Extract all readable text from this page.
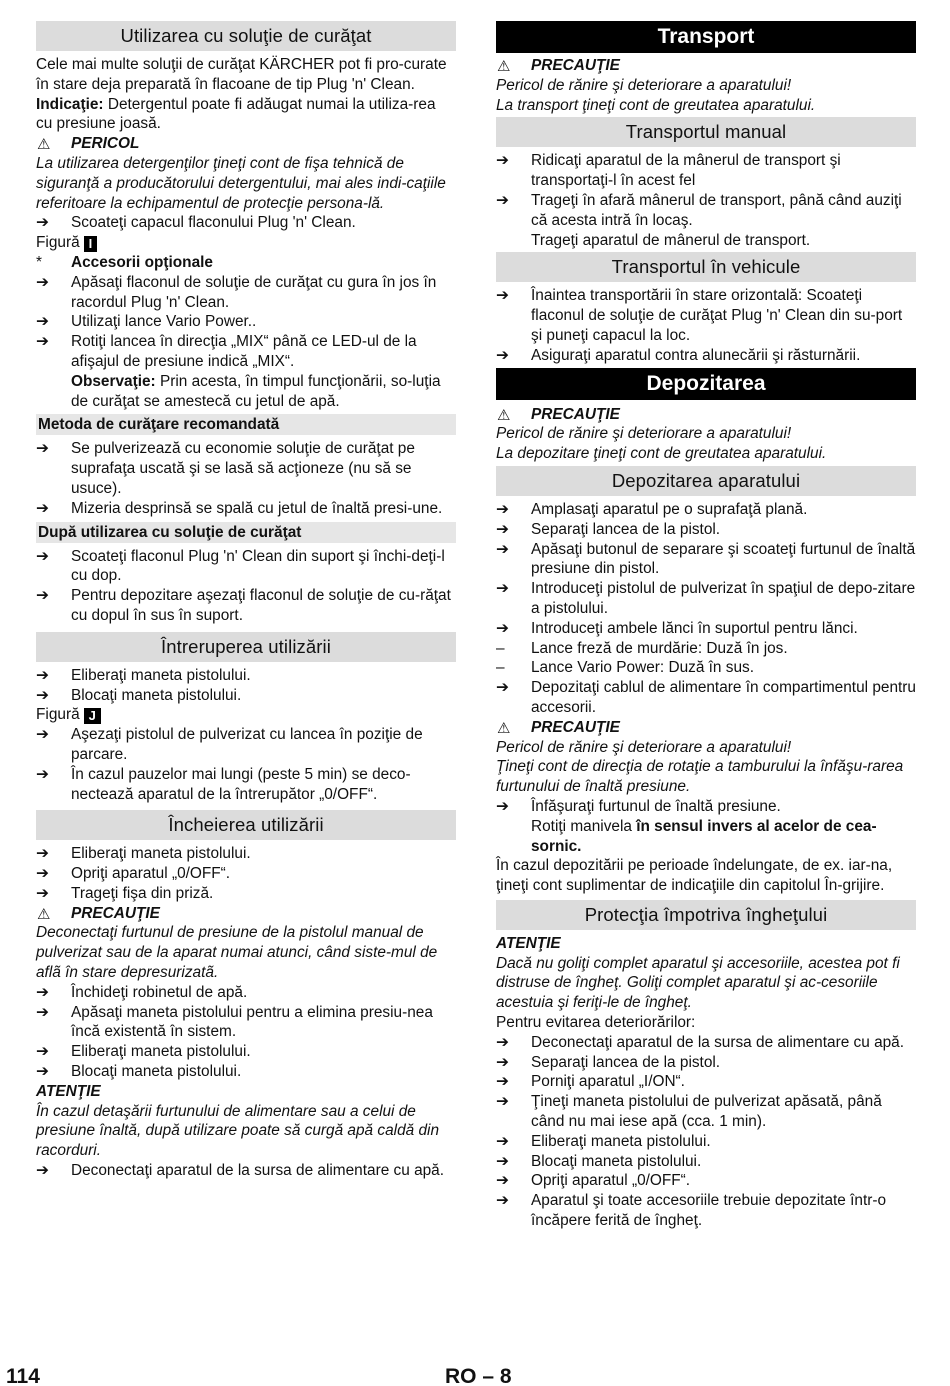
Utilizarea cu soluţie de curăţat

Cele mai multe soluţii de curăţat KÄRCHER pot fi pro-curate în stare deja preparată în flacoane de tip Plug 'n' Clean.

Indicaţie: Detergentul poate fi adăugat numai la utiliza-rea cu presiune joasă.

⚠ PERICOL

La utilizarea detergenţilor ţineţi cont de fişa tehnică de siguranţă a producătorului detergentului, mai ales indi-caţiile referitoare la echipamentul de protecţie persona-lă.

➔	Scoateţi capacul flaconului Plug 'n' Clean.

Figură I

*	Accesorii opţionale
➔	Apăsaţi flaconul de soluţie de curăţat cu gura în jos în racordul Plug 'n' Clean.
➔	Utilizaţi lance Vario Power..
➔	Rotiţi lancea în direcţia „MIX“ până ce LED-ul de la afişajul de presiune indică „MIX“.

Observaţie: Prin acesta, în timpul funcţionării, so-luţia de curăţat se amestecă cu jetul de apă.

Metoda de curăţare recomandată
➔	Se pulverizează cu economie soluţie de curăţat pe suprafaţa uscată şi se lasă să acţioneze (nu să se usuce).
➔	Mizeria desprinsă se spală cu jetul de înaltă presi-une.
După utilizarea cu soluţie de curăţat
➔	Scoateţi flaconul Plug 'n' Clean din suport şi închi-deţi-l cu dop.
➔	Pentru depozitare aşezaţi flaconul de soluţie de cu-răţat cu dopul în sus în suport.
Întreruperea utilizării
➔	Eliberaţi maneta pistolului.
➔	Blocaţi maneta pistolului.

Figură J

➔	Aşezaţi pistolul de pulverizat cu lancea în poziţie de parcare.
➔	În cazul pauzelor mai lungi (peste 5 min) se deco-nectează aparatul de la întrerupător „0/OFF“.
Încheierea utilizării
➔	Eliberaţi maneta pistolului.
➔	Opriţi aparatul „0/OFF“.
➔	Trageţi fişa din priză.
⚠ PRECAUŢIE

Deconectaţi furtunul de presiune de la pistolul manual de pulverizat sau de la aparat numai atunci, când siste-mul de aflã în stare depresurizatã.

➔	Închideţi robinetul de apă.
➔	Apăsaţi maneta pistolului pentru a elimina presiu-nea încă existentă în sistem.
➔	Eliberaţi maneta pistolului.
➔	Blocaţi maneta pistolului.

ATENŢIE

În cazul detaşării furtunului de alimentare sau a celui de presiune înaltă, după utilizare poate să curgă apă caldă din racorduri.

➔	Deconectaţi aparatul de la sursa de alimentare cu apă.
Transport
⚠ PRECAUŢIE

Pericol de rănire şi deteriorare a aparatului!

La transport ţineţi cont de greutatea aparatului.

Transportul manual
➔	Ridicaţi aparatul de la mânerul de transport şi transportaţi-l în acest fel
➔	Trageţi în afară mânerul de transport, până când auziţi că acesta intră în locaş.

Trageţi aparatul de mânerul de transport.

Transportul în vehicule
➔	Înaintea transportării în stare orizontală: Scoateţi flaconul de soluţie de curăţat Plug 'n' Clean din su-port şi puneţi capacul la loc.
➔	Asiguraţi aparatul contra alunecării şi răsturnării.
Depozitarea
⚠ PRECAUŢIE

Pericol de rănire şi deteriorare a aparatului!

La depozitare ţineţi cont de greutatea aparatului.

Depozitarea aparatului
➔	Amplasaţi aparatul pe o suprafaţă plană.
➔	Separaţi lancea de la pistol.
➔	Apăsaţi butonul de separare şi scoateţi furtunul de înaltă presiune din pistol.
➔	Introduceţi pistolul de pulverizat în spaţiul de depo-zitare a pistolului.
➔	Introduceţi ambele lănci în suportul pentru lănci.
–	Lance freză de murdărie: Duză în jos.
–	Lance Vario Power: Duză în sus.
➔	Depozitaţi cablul de alimentare în compartimentul pentru accesorii.
⚠ PRECAUŢIE

Pericol de rănire şi deteriorare a aparatului!

Ţineţi cont de direcţia de rotaţie a tamburului la înfăşu-rarea furtunului de înaltă presiune.

➔	Înfăşuraţi furtunul de înaltă presiune.

Rotiţi manivela în sensul invers al acelor de cea-sornic.

În cazul depozitării pe perioade îndelungate, de ex. iar-na, ţineţi cont suplimentar de indicaţiile din capitolul În-grijire.

Protecţia împotriva îngheţului

ATENŢIE

Dacă nu goliţi complet aparatul şi accesoriile, acestea pot fi distruse de îngheţ. Goliţi complet aparatul şi ac-cesoriile acestuia şi feriţi-le de îngheţ.

Pentru evitarea deteriorărilor:

➔	Deconectaţi aparatul de la sursa de alimentare cu apă.
➔	Separaţi lancea de la pistol.
➔	Porniţi aparatul „I/ON“.
➔	Ţineţi maneta pistolului de pulverizat apăsată, până când nu mai iese apă (cca. 1 min).
➔	Eliberaţi maneta pistolului.
➔	Blocaţi maneta pistolului.
➔	Opriţi aparatul „0/OFF“.
➔	Aparatul şi toate accesoriile trebuie depozitate într-o încăpere ferită de îngheţ.
114	RO – 8
